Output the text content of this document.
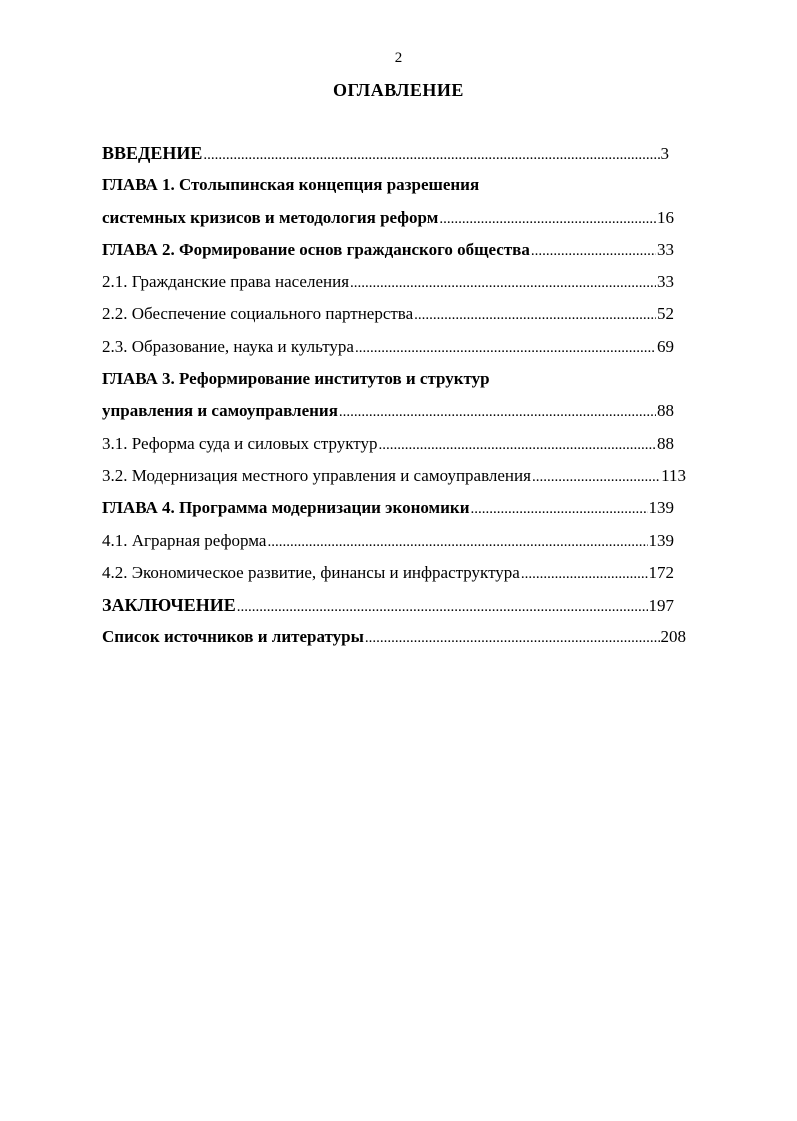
2
ОГЛАВЛЕНИЕ
ВВЕДЕНИЕ .....	3
ГЛАВА 1. Столыпинская концепция разрешения
системных кризисов и методология реформ .....	16
ГЛАВА 2. Формирование основ гражданского общества .....	33
2.1. Гражданские права населения .....	33
2.2. Обеспечение социального партнерства .....	52
2.3. Образование, наука и культура .....	69
ГЛАВА 3. Реформирование институтов и структур
управления и самоуправления .....	88
3.1. Реформа суда и силовых структур .....	88
3.2. Модернизация местного управления и самоуправления .....	113
ГЛАВА 4. Программа модернизации экономики .....	139
4.1. Аграрная реформа .....	139
4.2. Экономическое развитие, финансы и инфраструктура .....	172
ЗАКЛЮЧЕНИЕ .....	197
Список источников и литературы .....	208
